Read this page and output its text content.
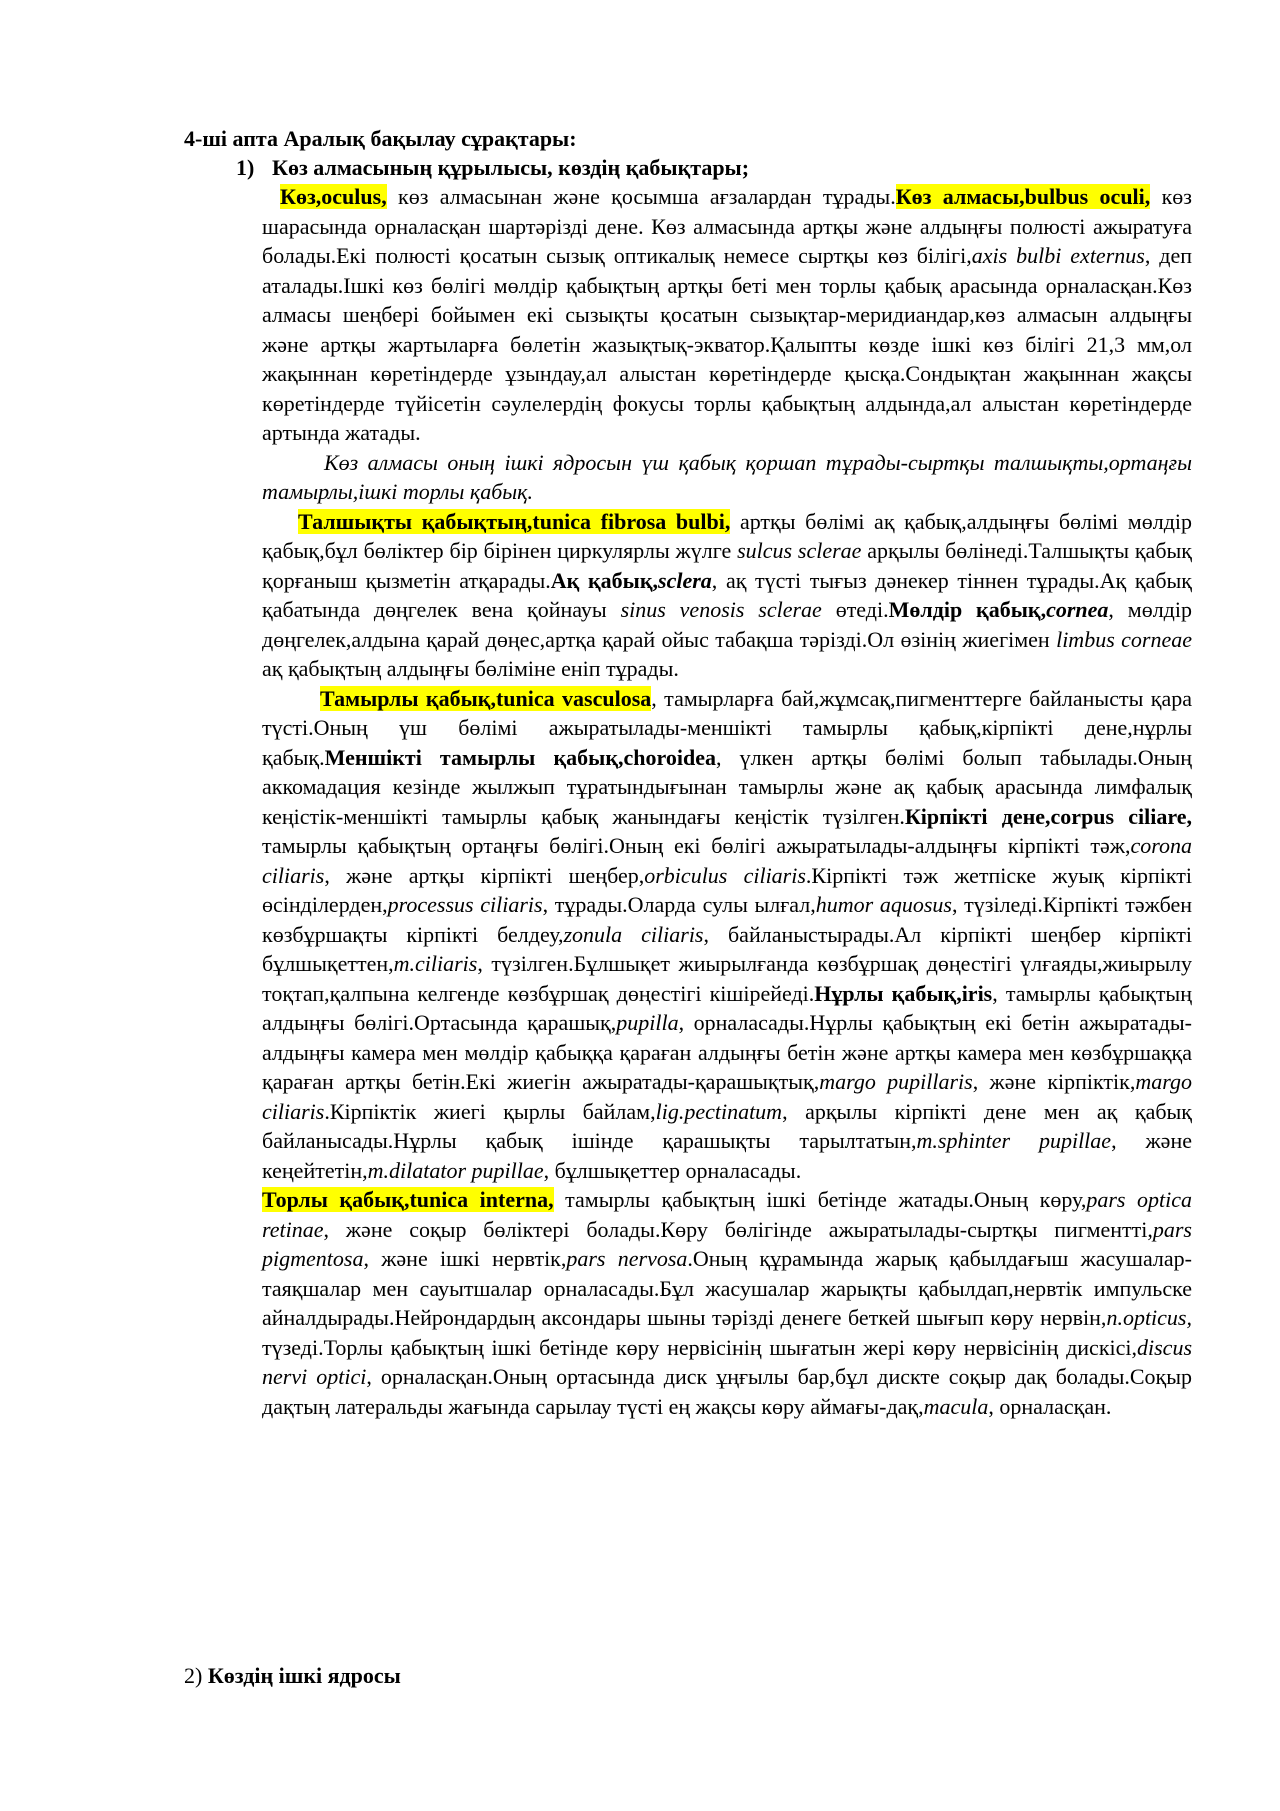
4-ші апта Аралық бақылау сұрақтары:
1) Көз алмасының құрылысы, көздің қабықтары;

Көз,oculus, көз алмасынан және қосымша ағзалардан тұрады.Көз алмасы,bulbus oculi, көз шарасында орналасқан шартәрізді дене. Көз алмасында артқы және алдыңғы полюсті ажыратуға болады.Екі полюсті қосатын сызық оптикалық немесе сыртқы көз білігі,axis bulbi externus, деп аталады.Ішкі көз бөлігі мөлдір қабықтың артқы беті мен торлы қабық арасында орналасқан.Көз алмасы шеңбері бойымен екі сызықты қосатын сызықтар-меридиандар,көз алмасын алдыңғы және артқы жартыларға бөлетін жазықтық-экватор.Қалыпты көзде ішкі көз білігі 21,3 мм,ол жақыннан көретіндерде ұзындау,ал алыстан көретіндерде қысқа.Сондықтан жақыннан жақсы көретіндерде түйісетін сәулелердің фокусы торлы қабықтың алдында,ал алыстан көретіндерде артында жатады.

Көз алмасы оның ішкі ядросын үш қабық қоршап тұрады-сыртқы талшықты,ортаңғы тамырлы,ішкі торлы қабық.

Талшықты қабықтың,tunica fibrosa bulbi, артқы бөлімі ақ қабық,алдыңғы бөлімі мөлдір қабық,бұл бөліктер бір бірінен циркулярлы жүлге sulcus sclerae арқылы бөлінеді.Талшықты қабық қорғаныш қызметін атқарады.Ақ қабық,sclera, ақ түсті тығыз дәнекер тіннен тұрады.Ақ қабық қабатында дөңгелек вена қойнауы sinus venosis sclerae өтеді.Мөлдір қабық,cornea, мөлдір дөңгелек,алдына қарай дөңес,артқа қарай ойыс табақша тәрізді.Ол өзінің жиегімен limbus corneae ақ қабықтың алдыңғы бөліміне еніп тұрады.

Тамырлы қабық,tunica vasculosa, тамырларға бай,жұмсақ,пигменттерге байланысты қара түсті.Оның үш бөлімі ажыратылады-меншікті тамырлы қабық,кірпікті дене,нұрлы қабық.Меншікті тамырлы қабық,choroidea, үлкен артқы бөлімі болып табылады.Оның аккомадация кезінде жылжып тұратындығынан тамырлы және ақ қабық арасында лимфалық кеңістік-меншікті тамырлы қабық жанындағы кеңістік түзілген.Кірпікті дене,corpus ciliare, тамырлы қабықтың ортаңғы бөлігі.Оның екі бөлігі ажыратылады-алдыңғы кірпікті тәж,corona ciliaris, және артқы кірпікті шеңбер,orbiculus ciliaris.Кірпікті тәж жетпіске жуық кірпікті өсінділерден,processus ciliaris, тұрады.Оларда сулы ылғал,humor aquosus, түзіледі.Кірпікті тәжбен көзбұршақты кірпікті белдеу,zonula ciliaris, байланыстырады.Ал кірпікті шеңбер кірпікті бұлшықеттен,m.ciliaris, түзілген.Бұлшықет жиырылғанда көзбұршақ дөңестігі үлғаяды,жиырылу тоқтап,қалпына келгенде көзбұршақ дөңестігі кішірейеді.Нұрлы қабық,iris, тамырлы қабықтың алдыңғы бөлігі.Ортасында қарашық,pupilla, орналасады.Нұрлы қабықтың екі бетін ажыратады-алдыңғы камера мен мөлдір қабыққа қараған алдыңғы бетін және артқы камера мен көзбұршаққа қараған артқы бетін.Екі жиегін ажыратады-қарашықтық,margo pupillaris, және кірпіктік,margo ciliaris.Кірпіктік жиегі қырлы байлам,lig.pectinatum, арқылы кірпікті дене мен ақ қабық байланысады.Нұрлы қабық ішінде қарашықты тарылтатын,m.sphinter pupillae, және кеңейтетін,m.dilatator pupillae, бұлшықеттер орналасады.

Торлы қабық,tunica interna, тамырлы қабықтың ішкі бетінде жатады.Оның көру,pars optica retinae, және соқыр бөліктері болады.Көру бөлігінде ажыратылады-сыртқы пигментті,pars pigmentosa, және ішкі нервтік,pars nervosa.Оның құрамында жарық қабылдағыш жасушалар-таяқшалар мен сауытшалар орналасады.Бұл жасушалар жарықты қабылдап,нервтік импульске айналдырады.Нейрондардың аксондары шыны тәрізді денеге беткей шығып көру нервін,n.opticus, түзеді.Торлы қабықтың ішкі бетінде көру нервісінің шығатын жері көру нервісінің дискісі,discus nervi optici, орналасқан.Оның ортасында диск ұңғылы бар,бұл дискте соқыр дақ болады.Соқыр дақтың латеральды жағында сарылау түсті ең жақсы көру аймағы-дақ,macula, орналасқан.

2) Көздің ішкі ядросы
